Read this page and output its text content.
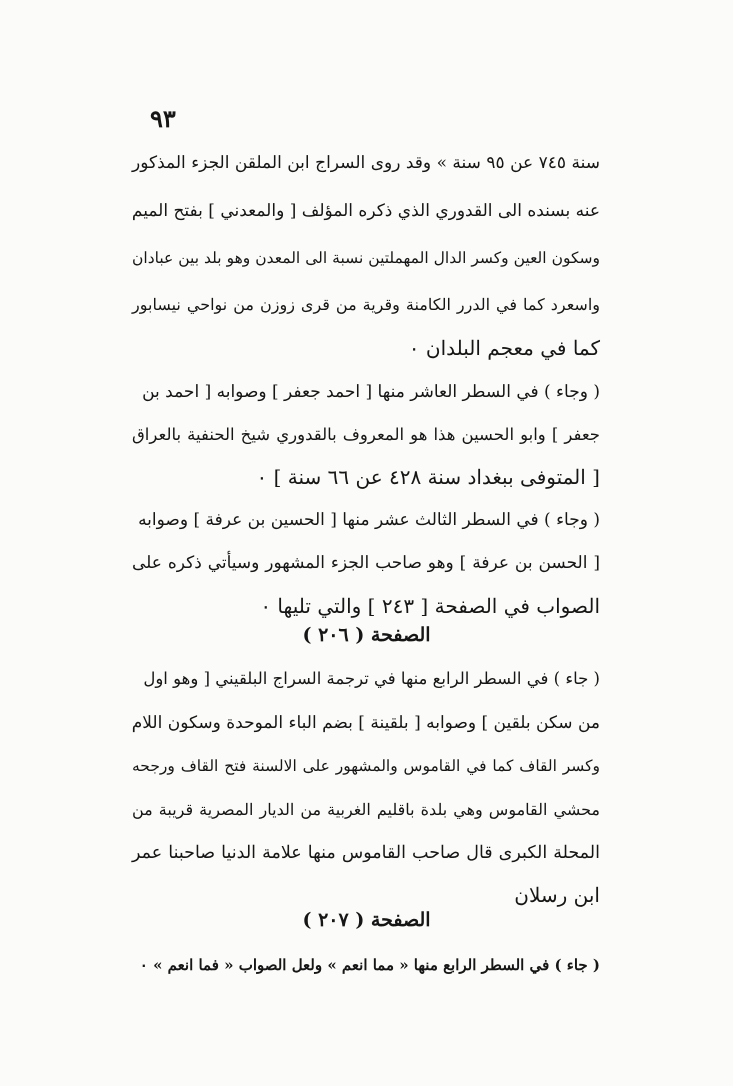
٩٣
سنة ٧٤٥ عن ٩٥ سنة » وقد روى السراج ابن الملقن الجزء المذكور
عنه بسنده الى القدوري الذي ذكره المؤلف [ والمعدني ] بفتح الميم
وسكون العين وكسر الدال المهملتين نسبة الى المعدن وهو بلد بين عبادان
واسعرد كما في الدرر الكامنة وقرية من قرى زوزن من نواحي نيسابور
كما في معجم البلدان ٠
( وجاء ) في السطر العاشر منها [ احمد جعفر ] وصوابه [ احمد بن
جعفر ] وابو الحسين هذا هو المعروف بالقدوري شيخ الحنفية بالعراق
[ المتوفى ببغداد سنة ٤٢٨ عن ٦٦ سنة ] ٠
( وجاء ) في السطر الثالث عشر منها [ الحسين بن عرفة ] وصوابه
[ الحسن بن عرفة ] وهو صاحب الجزء المشهور وسيأتي ذكره على
الصواب في الصفحة [ ٢٤٣ ] والتي تليها ٠
الصفحة ( ٢٠٦ )
( جاء ) في السطر الرابع منها في ترجمة السراج البلقيني [ وهو اول
من سكن بلقين ] وصوابه [ بلقينة ] بضم الباء الموحدة وسكون اللام
وكسر القاف كما في القاموس والمشهور على الالسنة فتح القاف ورجحه
محشي القاموس وهي بلدة باقليم الغربية من الديار المصرية قريبة من
المحلة الكبرى قال صاحب القاموس منها علامة الدنيا صاحبنا عمر
ابن رسلان
الصفحة ( ٢٠٧ )
( جاء ) في السطر الرابع منها « مما انعم » ولعل الصواب « فما انعم » ٠
